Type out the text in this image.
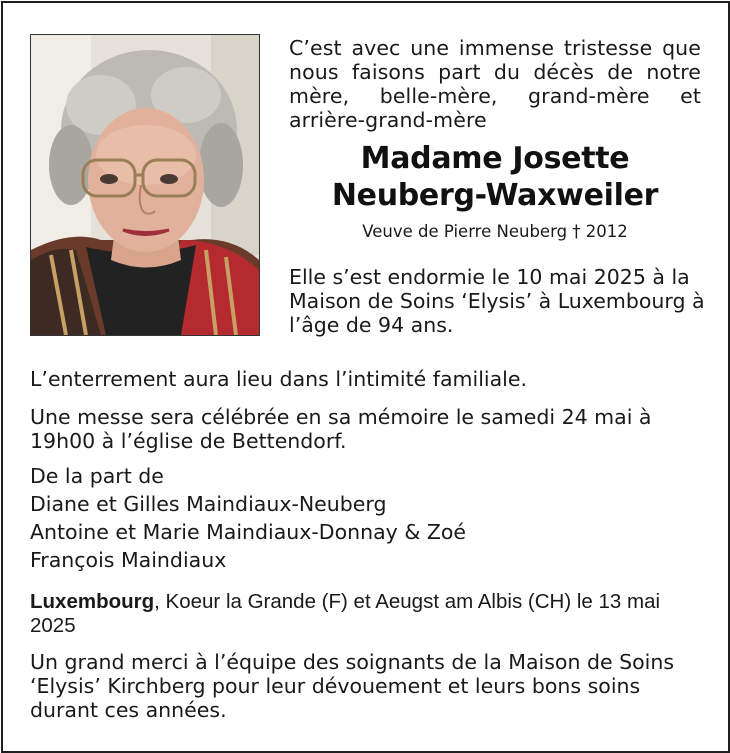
C’est avec une immense tristesse que nous faisons part du décès de notre mère, belle-mère, grand-mère et arrière-grand-mère
Madame Josette
Neuberg-Waxweiler
Veuve de Pierre Neuberg † 2012
Elle s’est endormie le 10 mai 2025 à la Maison de Soins ‘Elysis’ à Luxembourg à l’âge de 94 ans.
L’enterrement aura lieu dans l’intimité familiale.
Une messe sera célébrée en sa mémoire le samedi 24 mai à 19h00 à l’église de Bettendorf.
De la part de
Diane et Gilles Maindiaux-Neuberg
Antoine et Marie Maindiaux-Donnay & Zoé
François Maindiaux
Luxembourg, Koeur la Grande (F) et Aeugst am Albis (CH) le 13 mai 2025
Un grand merci à l’équipe des soignants de la Maison de Soins ‘Elysis’ Kirchberg pour leur dévouement et leurs bons soins durant ces années.
